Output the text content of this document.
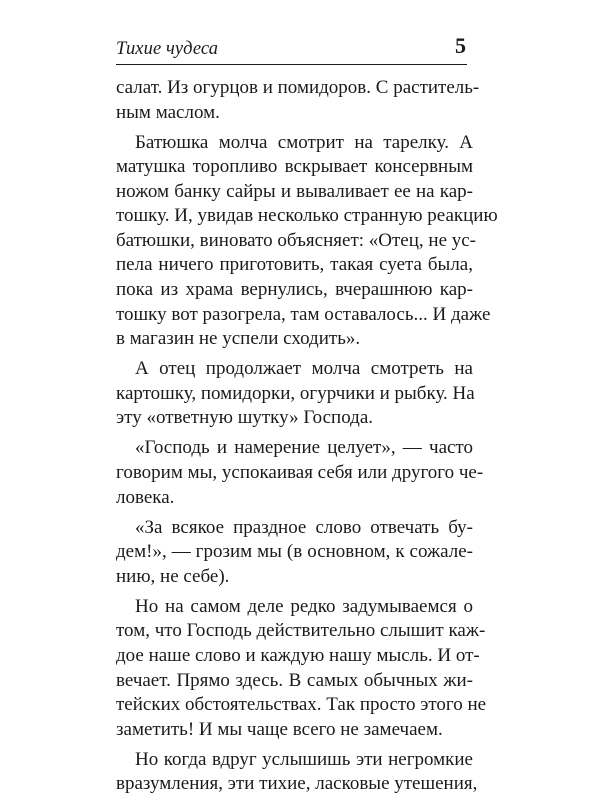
Тихие чудеса	5
салат. Из огурцов и помидоров. С раститель-
ным маслом.
Батюшка молча смотрит на тарелку. А
матушка торопливо вскрывает консервным
ножом банку сайры и вываливает ее на кар-
тошку. И, увидав несколько странную реакцию
батюшки, виновато объясняет: «Отец, не ус-
пела ничего приготовить, такая суета была,
пока из храма вернулись, вчерашнюю кар-
тошку вот разогрела, там оставалось... И даже
в магазин не успели сходить».
А отец продолжает молча смотреть на
картошку, помидорки, огурчики и рыбку. На
эту «ответную шутку» Господа.
«Господь и намерение целует», — часто
говорим мы, успокаивая себя или другого че-
ловека.
«За всякое праздное слово отвечать бу-
дем!», — грозим мы (в основном, к сожале-
нию, не себе).
Но на самом деле редко задумываемся о
том, что Господь действительно слышит каж-
дое наше слово и каждую нашу мысль. И от-
вечает. Прямо здесь. В самых обычных жи-
тейских обстоятельствах. Так просто этого не
заметить! И мы чаще всего не замечаем.
Но когда вдруг услышишь эти негромкие
вразумления, эти тихие, ласковые утешения,
